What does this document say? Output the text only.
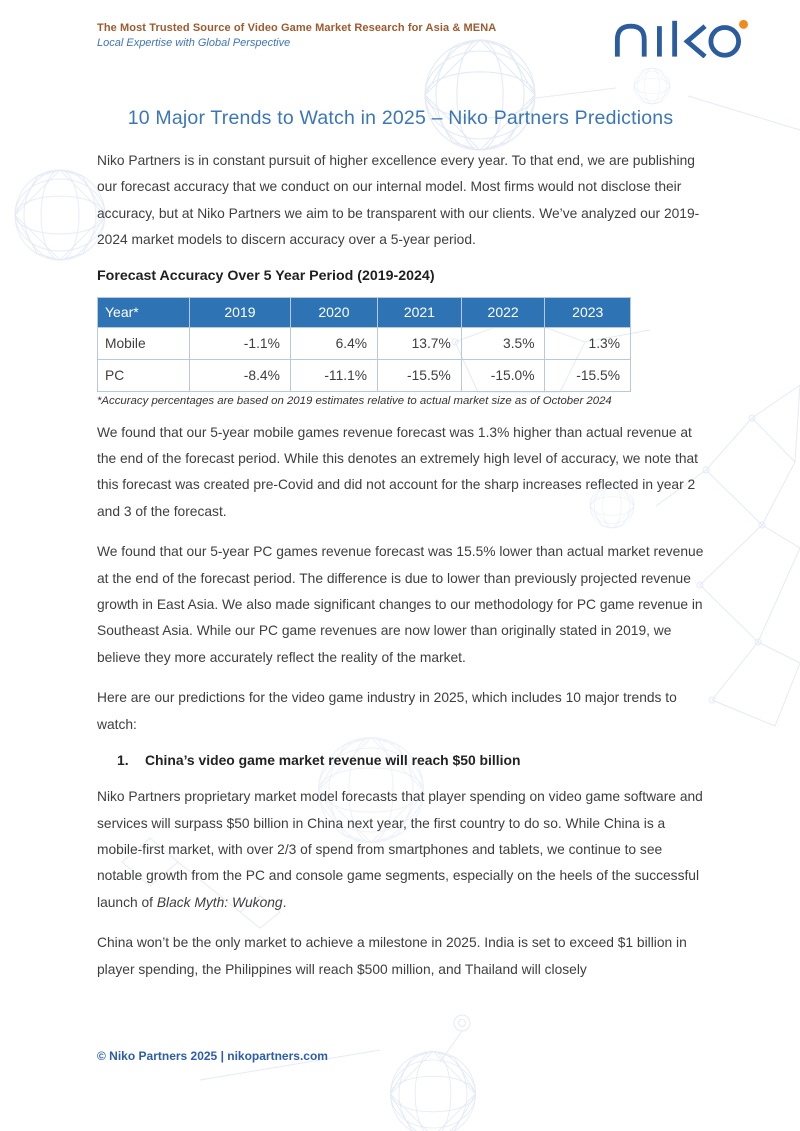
The Most Trusted Source of Video Game Market Research for Asia & MENA
Local Expertise with Global Perspective
10 Major Trends to Watch in 2025 – Niko Partners Predictions

Niko Partners is in constant pursuit of higher excellence every year. To that end, we are publishing our forecast accuracy that we conduct on our internal model. Most firms would not disclose their accuracy, but at Niko Partners we aim to be transparent with our clients. We’ve analyzed our 2019-2024 market models to discern accuracy over a 5-year period.

Forecast Accuracy Over 5 Year Period (2019-2024)
Year*	2019	2020	2021	2022	2023
Mobile	-1.1%	6.4%	13.7%	3.5%	1.3%
PC	-8.4%	-11.1%	-15.5%	-15.0%	-15.5%
*Accuracy percentages are based on 2019 estimates relative to actual market size as of October 2024

We found that our 5-year mobile games revenue forecast was 1.3% higher than actual revenue at the end of the forecast period. While this denotes an extremely high level of accuracy, we note that this forecast was created pre-Covid and did not account for the sharp increases reflected in year 2 and 3 of the forecast.

We found that our 5-year PC games revenue forecast was 15.5% lower than actual market revenue at the end of the forecast period. The difference is due to lower than previously projected revenue growth in East Asia. We also made significant changes to our methodology for PC game revenue in Southeast Asia. While our PC game revenues are now lower than originally stated in 2019, we believe they more accurately reflect the reality of the market.

Here are our predictions for the video game industry in 2025, which includes 10 major trends to watch:

1. China’s video game market revenue will reach $50 billion

Niko Partners proprietary market model forecasts that player spending on video game software and services will surpass $50 billion in China next year, the first country to do so. While China is a mobile-first market, with over 2/3 of spend from smartphones and tablets, we continue to see notable growth from the PC and console game segments, especially on the heels of the successful launch of Black Myth: Wukong.

China won’t be the only market to achieve a milestone in 2025. India is set to exceed $1 billion in player spending, the Philippines will reach $500 million, and Thailand will closely

© Niko Partners 2025 | nikopartners.com
